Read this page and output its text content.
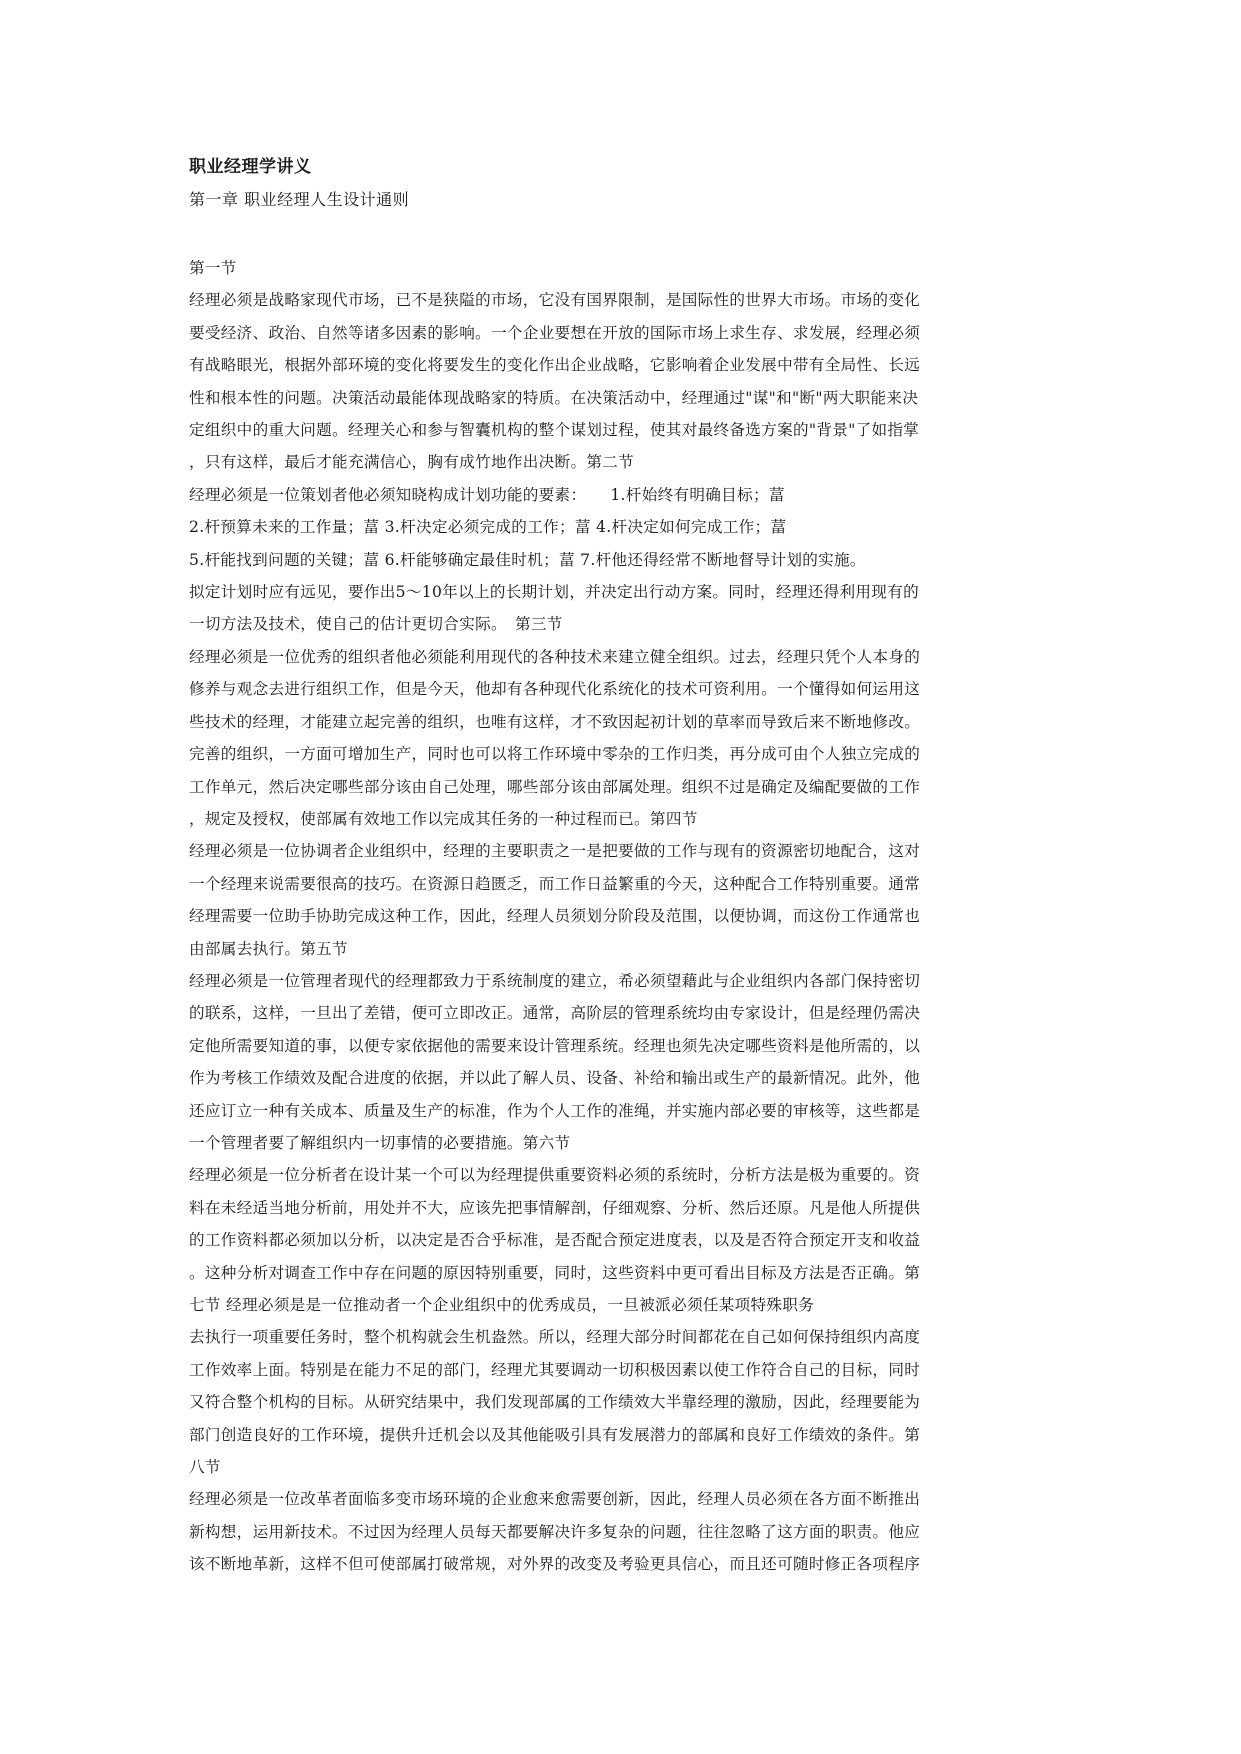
职业经理学讲义
第一章 职业经理人生设计通则
第一节
经理必须是战略家现代市场，已不是狭隘的市场，它没有国界限制，是国际性的世界大市场。市场的变化
要受经济、政治、自然等诸多因素的影响。一个企业要想在开放的国际市场上求生存、求发展，经理必须
有战略眼光，根据外部环境的变化将要发生的变化作出企业战略，它影响着企业发展中带有全局性、长远
性和根本性的问题。决策活动最能体现战略家的特质。在决策活动中，经理通过"谋"和"断"两大职能来决
定组织中的重大问题。经理关心和参与智囊机构的整个谋划过程，使其对最终备选方案的"背景"了如指掌
，只有这样，最后才能充满信心，胸有成竹地作出决断。第二节
经理必须是一位策划者他必须知晓构成计划功能的要素：　　1.杆始终有明确目标；葍
2.杆预算未来的工作量；葍 3.杆决定必须完成的工作；葍 4.杆决定如何完成工作；葍
5.杆能找到问题的关键；葍 6.杆能够确定最佳时机；葍 7.杆他还得经常不断地督导计划的实施。
拟定计划时应有远见，要作出5～10年以上的长期计划，并决定出行动方案。同时，经理还得利用现有的
一切方法及技术，使自己的估计更切合实际。　第三节
经理必须是一位优秀的组织者他必须能利用现代的各种技术来建立健全组织。过去，经理只凭个人本身的
修养与观念去进行组织工作，但是今天，他却有各种现代化系统化的技术可资利用。一个懂得如何运用这
些技术的经理，才能建立起完善的组织，也唯有这样，才不致因起初计划的草率而导致后来不断地修改。
完善的组织，一方面可增加生产，同时也可以将工作环境中零杂的工作归类，再分成可由个人独立完成的
工作单元，然后决定哪些部分该由自己处理，哪些部分该由部属处理。组织不过是确定及编配要做的工作
，规定及授权，使部属有效地工作以完成其任务的一种过程而已。第四节
经理必须是一位协调者企业组织中，经理的主要职责之一是把要做的工作与现有的资源密切地配合，这对
一个经理来说需要很高的技巧。在资源日趋匮乏，而工作日益繁重的今天，这种配合工作特别重要。通常
经理需要一位助手协助完成这种工作，因此，经理人员须划分阶段及范围，以便协调，而这份工作通常也
由部属去执行。第五节
经理必须是一位管理者现代的经理都致力于系统制度的建立，希必须望藉此与企业组织内各部门保持密切
的联系，这样，一旦出了差错，便可立即改正。通常，高阶层的管理系统均由专家设计，但是经理仍需决
定他所需要知道的事，以便专家依据他的需要来设计管理系统。经理也须先决定哪些资料是他所需的，以
作为考核工作绩效及配合进度的依据，并以此了解人员、设备、补给和输出或生产的最新情况。此外，他
还应订立一种有关成本、质量及生产的标准，作为个人工作的准绳，并实施内部必要的审核等，这些都是
一个管理者要了解组织内一切事情的必要措施。第六节
经理必须是一位分析者在设计某一个可以为经理提供重要资料必须的系统时，分析方法是极为重要的。资
料在未经适当地分析前，用处并不大，应该先把事情解剖，仔细观察、分析、然后还原。凡是他人所提供
的工作资料都必须加以分析，以决定是否合乎标准，是否配合预定进度表，以及是否符合预定开支和收益
。这种分析对调查工作中存在问题的原因特别重要，同时，这些资料中更可看出目标及方法是否正确。第
七节 经理必须是是一位推动者一个企业组织中的优秀成员，一旦被派必须任某项特殊职务
去执行一项重要任务时，整个机构就会生机盎然。所以，经理大部分时间都花在自己如何保持组织内高度
工作效率上面。特别是在能力不足的部门，经理尤其要调动一切积极因素以使工作符合自己的目标，同时
又符合整个机构的目标。从研究结果中，我们发现部属的工作绩效大半靠经理的激励，因此，经理要能为
部门创造良好的工作环境，提供升迁机会以及其他能吸引具有发展潜力的部属和良好工作绩效的条件。第
八节
经理必须是一位改革者面临多变市场环境的企业愈来愈需要创新，因此，经理人员必须在各方面不断推出
新构想，运用新技术。不过因为经理人员每天都要解决许多复杂的问题，往往忽略了这方面的职责。他应
该不断地革新，这样不但可使部属打破常规，对外界的改变及考验更具信心，而且还可随时修正各项程序
